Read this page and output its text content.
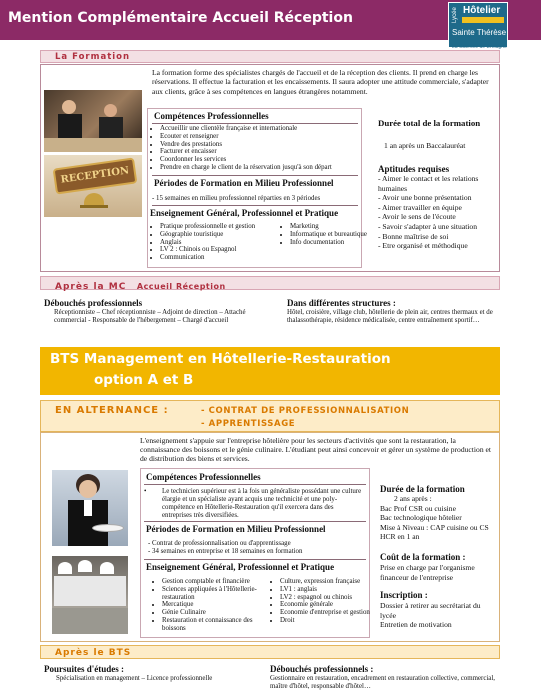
Mention Complémentaire Accueil Réception	Hôtelier
Lycée
Sainte Thérèse
La Guerche de Bretagne
La Formation
RECEPTION
La formation forme des spécialistes chargés de l'accueil et de la réception des clients. Il prend en charge les réservations. Il effectue la facturation et les encaissements. Il saura adopter une attitude commerciale, s'adapter aux clients, grâce à ses compétences en langues étrangères notamment.
Compétences Professionnelles
• Accueillir une clientèle française et internationale
• Ecouter et renseigner
• Vendre des prestations
• Facturer et encaisser
• Coordonner les services
• Prendre en charge le client de la réservation jusqu'à son départ
Périodes de Formation en Milieu Professionnel
- 15 semaines en milieu professionnel réparties en 3 périodes
Enseignement Général, Professionnel et Pratique
• Pratique professionnelle et gestion
• Géographie touristique
• Anglais
• LV 2 : Chinois ou Espagnol
• Communication
• Marketing
• Informatique et bureautique
• Info documentation
Durée total de la formation
1 an après un Baccalauréat
Aptitudes requises
- Aimer le contact et les relations humaines
- Avoir une bonne présentation
- Aimer travailler en équipe
- Avoir le sens de l'écoute
- Savoir s'adapter à une situation
- Bonne maîtrise de soi
- Etre organisé et méthodique
Après la MC Accueil Réception
Débouchés professionnels
Réceptionniste – Chef réceptionniste – Adjoint de direction – Attaché commercial - Responsable de l'hébergement – Chargé d'accueil
Dans différentes structures :
Hôtel, croisière, village club, hôtellerie de plein air, centres thermaux et de thalassothérapie, résidence médicalisée, centre entraînement sportif…
BTS Management en Hôtellerie-Restauration
option A et B
EN ALTERNANCE :	- CONTRAT DE PROFESSIONNALISATION
- APPRENTISSAGE
L'enseignement s'appuie sur l'entreprise hôtelière pour les secteurs d'activités que sont la restauration, la connaissance des boissons et le génie culinaire. L'étudiant peut ainsi concevoir et gérer un système de production et de distribution des biens et services.
Compétences Professionnelles
•	Le technicien supérieur est à la fois un généraliste possédant une culture élargie et un spécialiste ayant acquis une technicité et une poly-compétence en Hôtellerie-Restauration qu'il exercera dans des entreprises très diversifiées.
Périodes de Formation en Milieu Professionnel
- Contrat de professionnalisation ou d'apprentissage
- 34 semaines en entreprise et 18 semaines en formation
Enseignement Général, Professionnel et Pratique
• Gestion comptable et financière
• Sciences appliquées à l'Hôtellerie-restauration
• Mercatique
• Génie Culinaire
• Restauration et connaissance des boissons
• Culture, expression française
• LV1 : anglais
• LV2 : espagnol ou chinois
• Economie générale
• Economie d'entreprise et gestion
• Droit
Durée de la formation
2 ans après :
Bac Prof CSR ou cuisine
Bac technologique hôtelier
Mise à Niveau : CAP cuisine ou CS HCR en 1 an
Coût de la formation :
Prise en charge par l'organisme financeur de l'entreprise
Inscription :
Dossier à retirer au secrétariat du lycée
Entretien de motivation
Après le BTS
Poursuites d'études :
Spécialisation en management – Licence professionnelle
Débouchés professionnels :
Gestionnaire en restauration, encadrement en restauration collective, commercial, maître d'hôtel, responsable d'hôtel…
